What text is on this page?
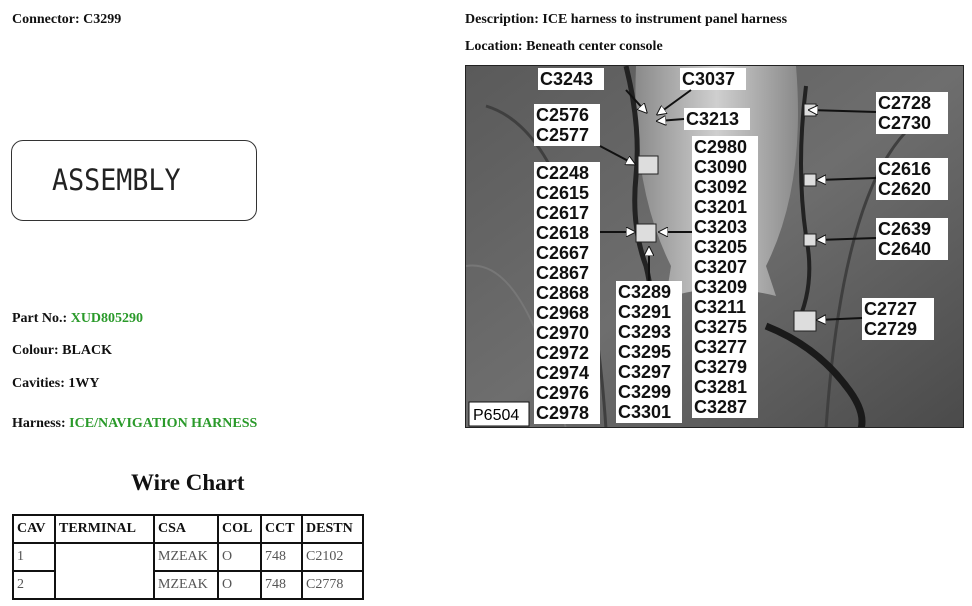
Connector: C3299	Description: ICE harness to instrument panel harness
Location: Beneath center console
ASSEMBLY
Part No.: XUD805290
Colour: BLACK
Cavities: 1WY
Harness: ICE/NAVIGATION HARNESS
Wire Chart
CAV	TERMINAL	CSA	COL	CCT	DESTN
1		MZEAK	O	748	C2102
2		MZEAK	O	748	C2778
C3243	C3037
C3213
C2576
C2577
C2248
C2615
C2617
C2618
C2667
C2867
C2868
C2968
C2970
C2972
C2974
C2976
C2978
C3289
C3291
C3293
C3295
C3297
C3299
C3301
C2980
C3090
C3092
C3201
C3203
C3205
C3207
C3209
C3211
C3275
C3277
C3279
C3281
C3287
C2728
C2730
C2616
C2620
C2639
C2640
C2727
C2729
P6504
